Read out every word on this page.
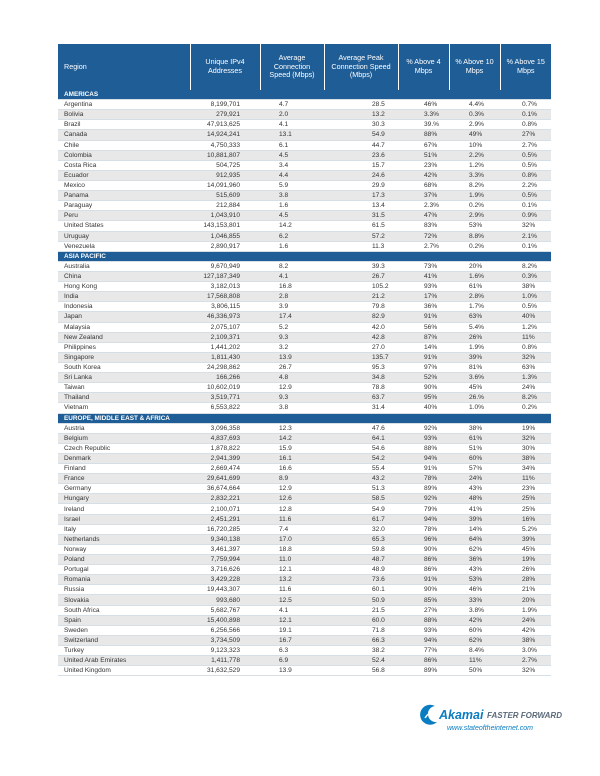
Region	Unique IPv4 Addresses	Average Connection Speed (Mbps)	Average Peak Connection Speed (Mbps)	% Above 4 Mbps	% Above 10 Mbps	% Above 15 Mbps
AMERICAS						
Argentina	8,199,701	4.7	28.5	46%	4.4%	0.7%
Bolivia	279,921	2.0	13.2	3.3%	0.3%	0.1%
Brazil	47,913,625	4.1	30.3	39.%	2.9%	0.8%
Canada	14,924,241	13.1	54.9	88%	49%	27%
Chile	4,750,333	6.1	44.7	67%	10%	2.7%
Colombia	10,881,807	4.5	23.6	51%	2.2%	0.5%
Costa Rica	504,725	3.4	15.7	23%	1.2%	0.5%
Ecuador	912,935	4.4	24.6	42%	3.3%	0.8%
Mexico	14,091,960	5.9	29.9	68%	8.2%	2.2%
Panama	515,609	3.8	17.3	37%	1.9%	0.5%
Paraguay	212,884	1.6	13.4	2.3%	0.2%	0.1%
Peru	1,043,910	4.5	31.5	47%	2.9%	0.9%
United States	143,153,801	14.2	61.5	83%	53%	32%
Uruguay	1,046,855	6.2	57.2	72%	8.8%	2.1%
Venezuela	2,890,917	1.6	11.3	2.7%	0.2%	0.1%
ASIA PACIFIC						
Australia	9,670,949	8.2	39.3	73%	20%	8.2%
China	127,187,349	4.1	26.7	41%	1.6%	0.3%
Hong Kong	3,182,013	16.8	105.2	93%	61%	38%
India	17,568,808	2.8	21.2	17%	2.8%	1.0%
Indonesia	3,806,115	3.9	79.8	36%	1.7%	0.5%
Japan	46,336,973	17.4	82.9	91%	63%	40%
Malaysia	2,075,107	5.2	42.0	56%	5.4%	1.2%
New Zealand	2,109,371	9.3	42.8	87%	26%	11%
Philippines	1,441,202	3.2	27.0	14%	1.9%	0.8%
Singapore	1,811,430	13.9	135.7	91%	39%	32%
South Korea	24,298,862	26.7	95.3	97%	81%	63%
Sri Lanka	166,266	4.8	34.8	52%	3.6%	1.3%
Taiwan	10,602,019	12.9	78.8	90%	45%	24%
Thailand	3,519,771	9.3	63.7	95%	26.%	8.2%
Vietnam	6,553,822	3.8	31.4	40%	1.0%	0.2%
EUROPE, MIDDLE EAST & AFRICA						
Austria	3,096,358	12.3	47.6	92%	38%	19%
Belgium	4,837,693	14.2	64.1	93%	61%	32%
Czech Republic	1,878,822	15.9	54.6	88%	51%	30%
Denmark	2,941,399	16.1	54.2	94%	60%	38%
Finland	2,669,474	16.6	55.4	91%	57%	34%
France	29,641,699	8.9	43.2	78%	24%	11%
Germany	36,674,664	12.9	51.3	89%	43%	23%
Hungary	2,832,221	12.6	58.5	92%	48%	25%
Ireland	2,100,071	12.8	54.9	79%	41%	25%
Israel	2,451,291	11.6	61.7	94%	39%	16%
Italy	16,720,285	7.4	32.0	78%	14%	5.2%
Netherlands	9,340,138	17.0	65.3	96%	64%	39%
Norway	3,461,397	18.8	59.8	90%	62%	45%
Poland	7,759,994	11.0	48.7	86%	36%	19%
Portugal	3,716,626	12.1	48.9	86%	43%	26%
Romania	3,429,228	13.2	73.6	91%	53%	28%
Russia	19,443,307	11.6	60.1	90%	46%	21%
Slovakia	993,680	12.5	50.9	85%	33%	20%
South Africa	5,682,767	4.1	21.5	27%	3.8%	1.9%
Spain	15,400,898	12.1	60.0	88%	42%	24%
Sweden	6,256,566	19.1	71.8	93%	60%	42%
Switzerland	3,734,509	16.7	66.3	94%	62%	38%
Turkey	9,123,323	6.3	38.2	77%	8.4%	3.0%
United Arab Emirates	1,411,778	6.9	52.4	86%	11%	2.7%
United Kingdom	31,632,529	13.9	56.8	89%	50%	32%
Akamai FASTER FORWARD
www.stateoftheinternet.com
